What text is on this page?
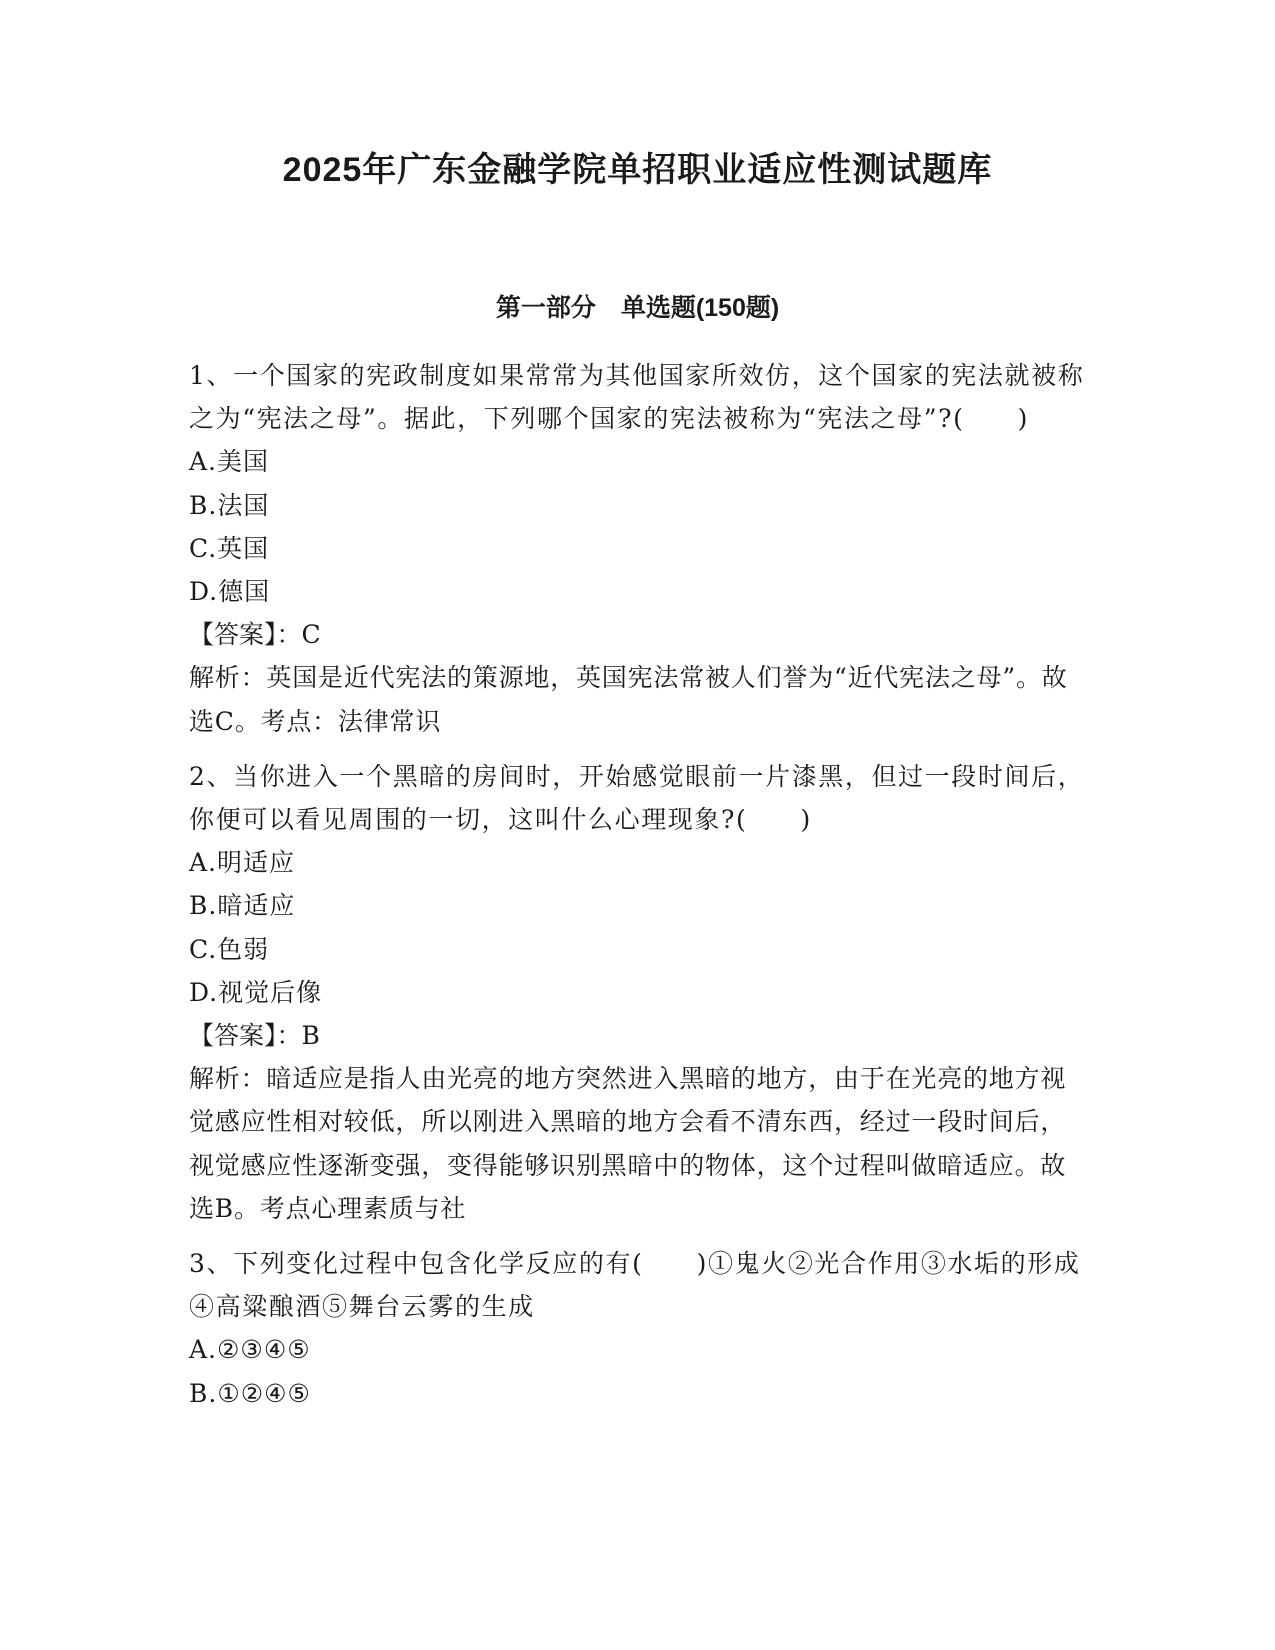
2025年广东金融学院单招职业适应性测试题库
第一部分　单选题(150题)
1、一个国家的宪政制度如果常常为其他国家所效仿，这个国家的宪法就被称之为“宪法之母”。据此，下列哪个国家的宪法被称为“宪法之母”?(　　)
A.美国
B.法国
C.英国
D.德国
【答案】：C
解析：英国是近代宪法的策源地，英国宪法常被人们誉为“近代宪法之母”。故选C。考点：法律常识
2、当你进入一个黑暗的房间时，开始感觉眼前一片漆黑，但过一段时间后，你便可以看见周围的一切，这叫什么心理现象?(　　)
A.明适应
B.暗适应
C.色弱
D.视觉后像
【答案】：B
解析：暗适应是指人由光亮的地方突然进入黑暗的地方，由于在光亮的地方视觉感应性相对较低，所以刚进入黑暗的地方会看不清东西，经过一段时间后，视觉感应性逐渐变强，变得能够识别黑暗中的物体，这个过程叫做暗适应。故选B。考点心理素质与社
3、下列变化过程中包含化学反应的有(　　)①鬼火②光合作用③水垢的形成④高粱酿酒⑤舞台云雾的生成
A.②③④⑤
B.①②④⑤
